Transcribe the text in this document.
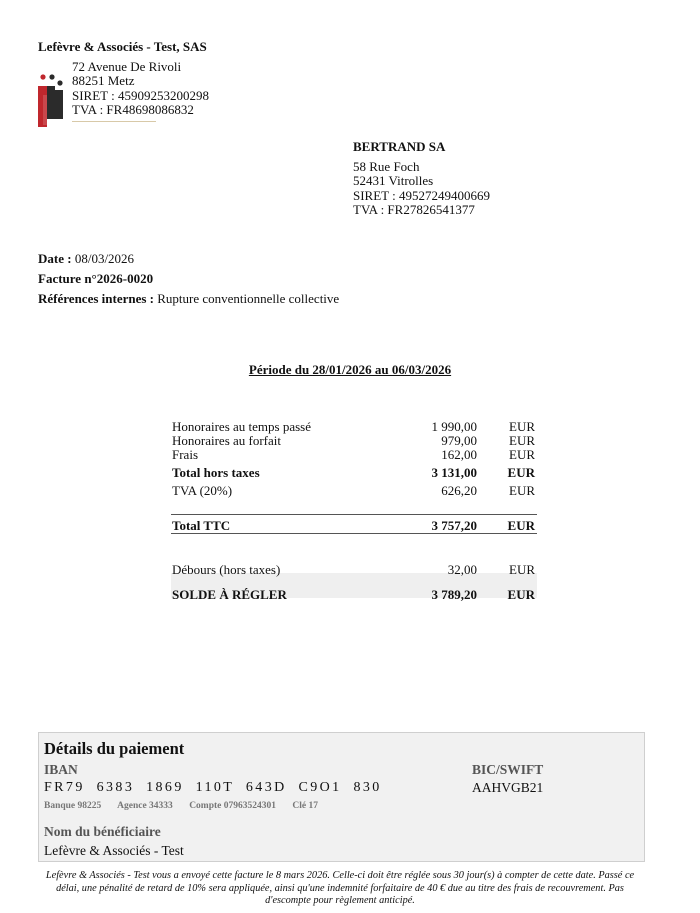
Lefèvre & Associés - Test, SAS
72 Avenue De Rivoli
88251 Metz
SIRET : 45909253200298
TVA : FR48698086832
BERTRAND SA
58 Rue Foch
52431 Vitrolles
SIRET : 49527249400669
TVA : FR27826541377
Date : 08/03/2026
Facture n°2026-0020
Références internes : Rupture conventionnelle collective
Période du 28/01/2026 au 06/03/2026
Honoraires au temps passé	1 990,00 EUR
Honoraires au forfait	979,00 EUR
Frais	162,00 EUR
Total hors taxes	3 131,00 EUR
TVA (20%)	626,20 EUR
Total TTC	3 757,20 EUR
Débours (hors taxes)	32,00 EUR
SOLDE À RÉGLER	3 789,20 EUR
Détails du paiement
IBAN	BIC/SWIFT
FR79 6383 1869 110T 643D C9O1 830	AAHVGB21
Banque 98225 Agence 34333 Compte 07963524301 Clé 17
Nom du bénéficiaire
Lefèvre & Associés - Test
Lefèvre & Associés - Test vous a envoyé cette facture le 8 mars 2026. Celle-ci doit être réglée sous 30 jour(s) à compter de cette date. Passé ce délai, une pénalité de retard de 10% sera appliquée, ainsi qu'une indemnité forfaitaire de 40 € due au titre des frais de recouvrement. Pas d'escompte pour règlement anticipé.
